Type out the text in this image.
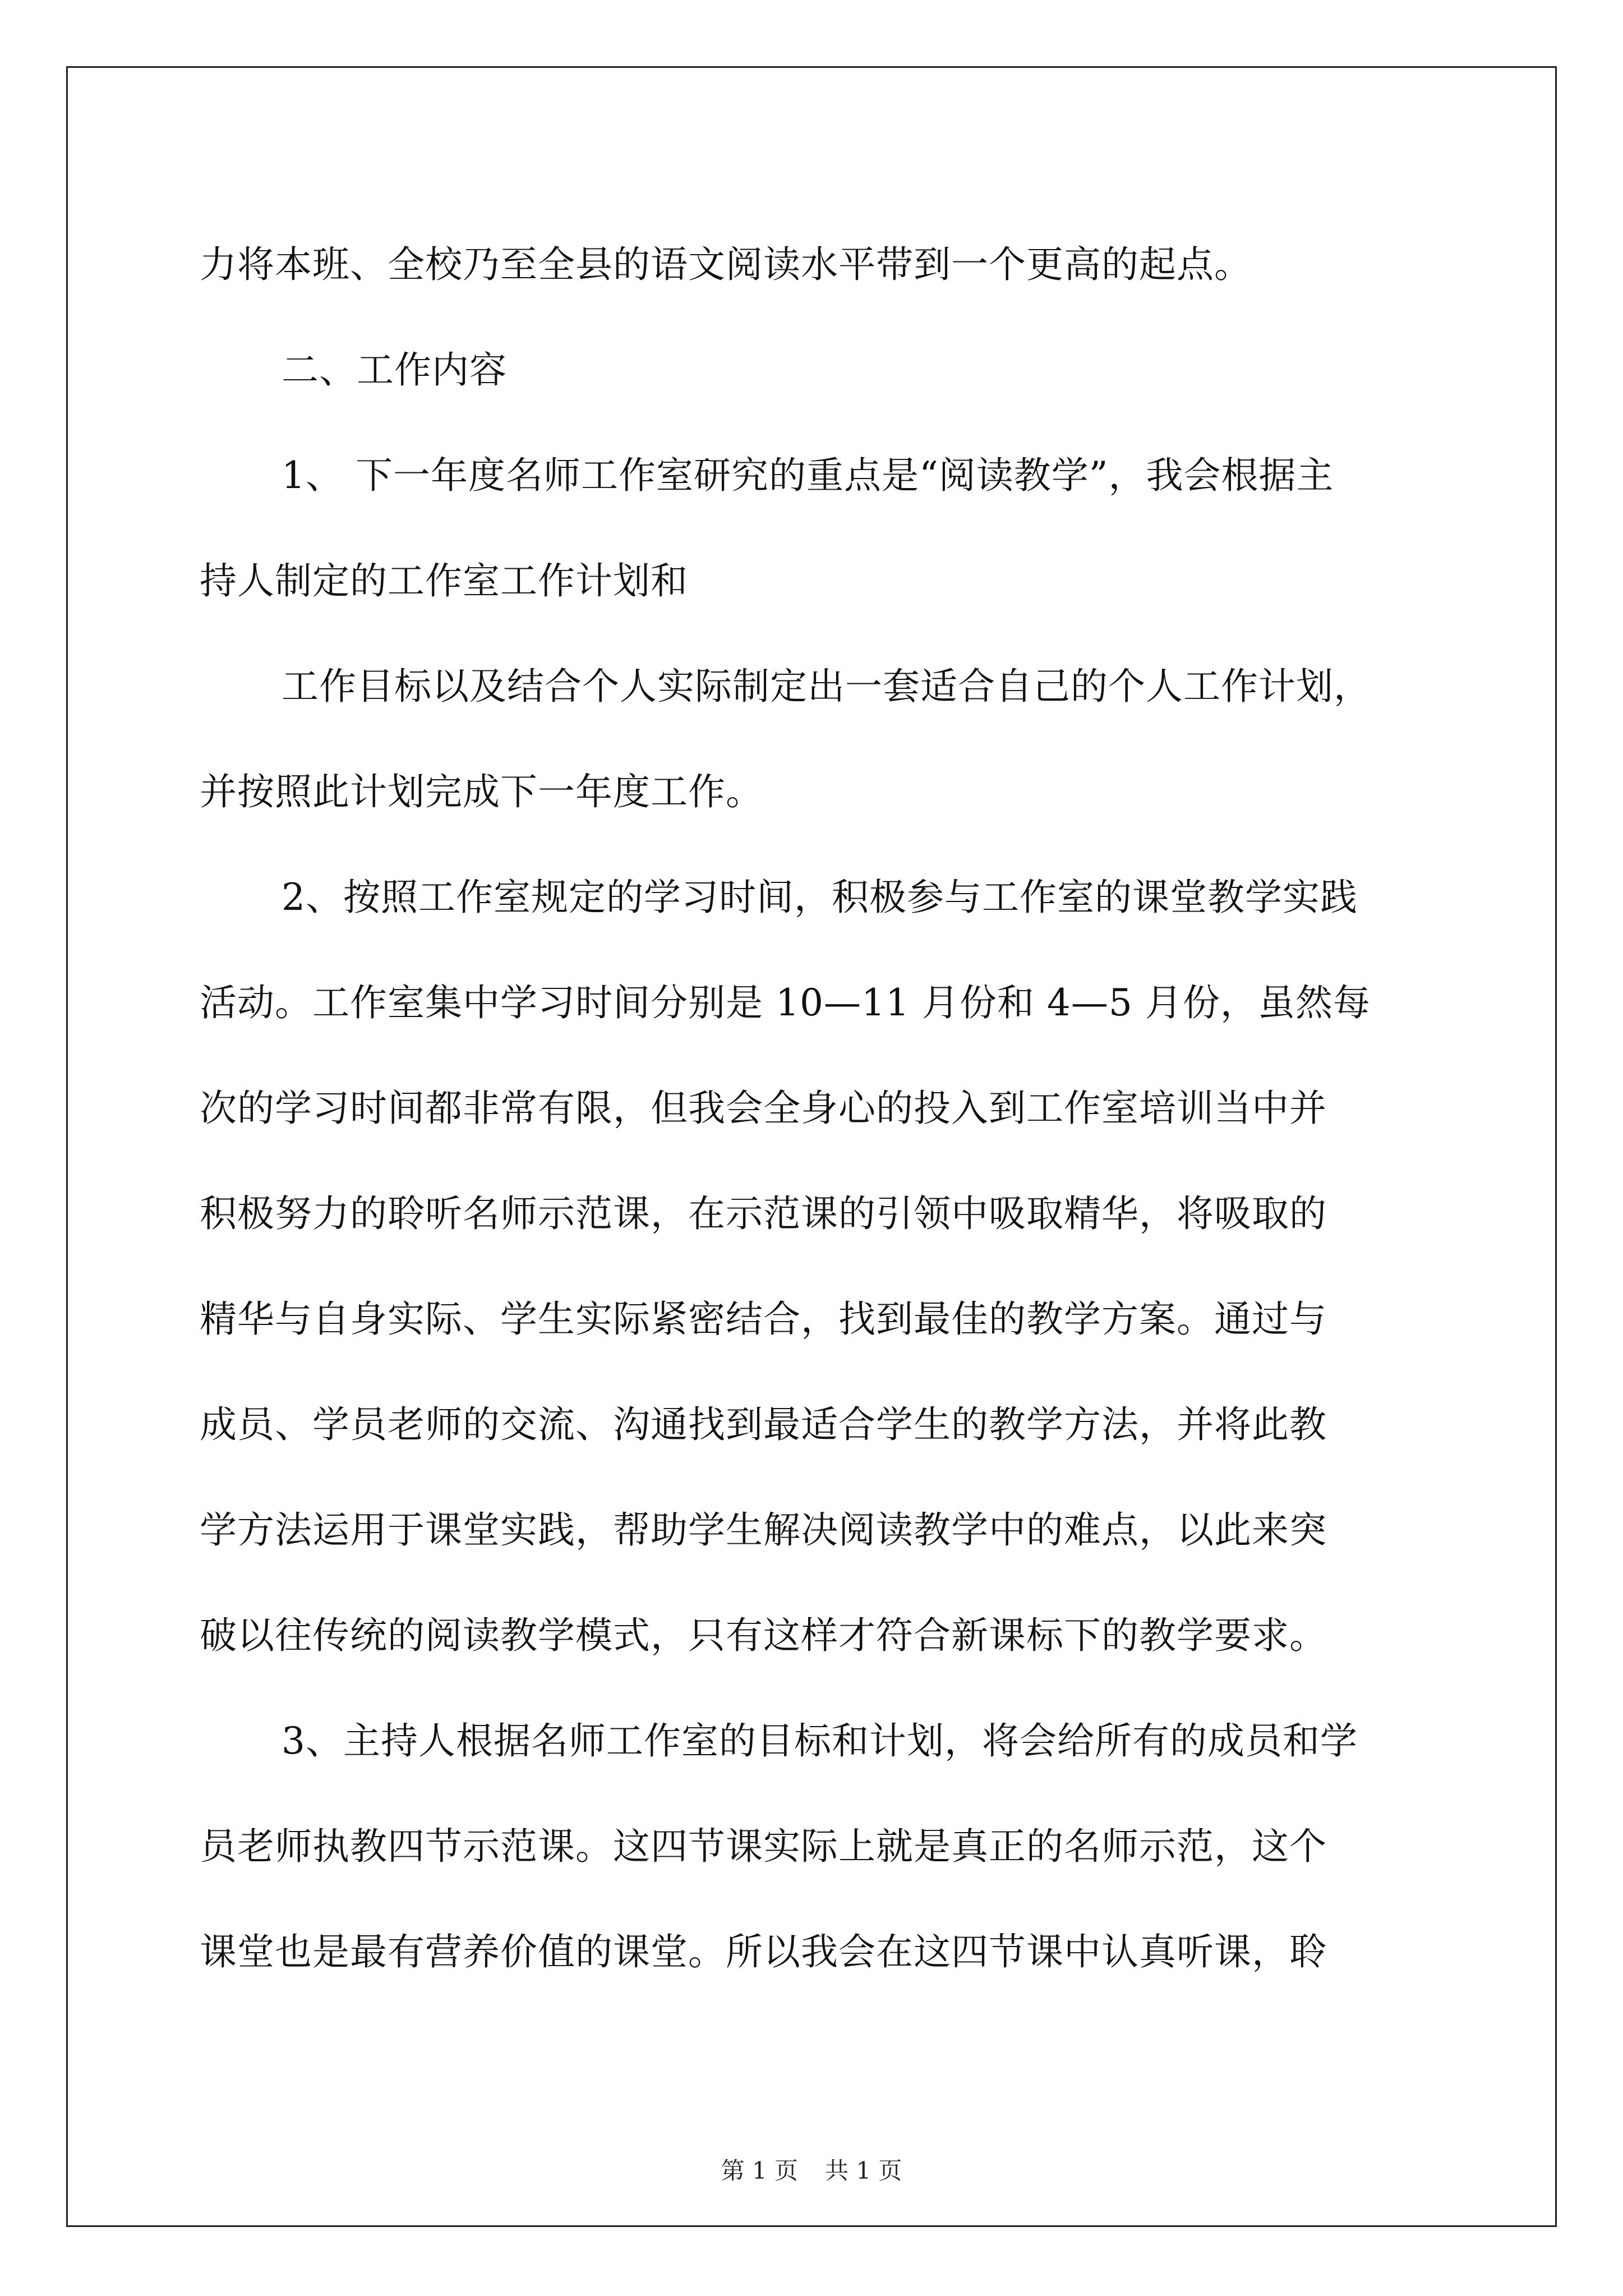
力将本班、全校乃至全县的语文阅读水平带到一个更高的起点。
二、工作内容
1、 下一年度名师工作室研究的重点是“阅读教学”，我会根据主
持人制定的工作室工作计划和
工作目标以及结合个人实际制定出一套适合自己的个人工作计划，
并按照此计划完成下一年度工作。
2、按照工作室规定的学习时间，积极参与工作室的课堂教学实践
活动。工作室集中学习时间分别是 10—11 月份和 4—5 月份，虽然每
次的学习时间都非常有限，但我会全身心的投入到工作室培训当中并
积极努力的聆听名师示范课，在示范课的引领中吸取精华，将吸取的
精华与自身实际、学生实际紧密结合，找到最佳的教学方案。通过与
成员、学员老师的交流、沟通找到最适合学生的教学方法，并将此教
学方法运用于课堂实践，帮助学生解决阅读教学中的难点，以此来突
破以往传统的阅读教学模式，只有这样才符合新课标下的教学要求。
3、主持人根据名师工作室的目标和计划，将会给所有的成员和学
员老师执教四节示范课。这四节课实际上就是真正的名师示范，这个
课堂也是最有营养价值的课堂。所以我会在这四节课中认真听课，聆
第 1 页 共 1 页
